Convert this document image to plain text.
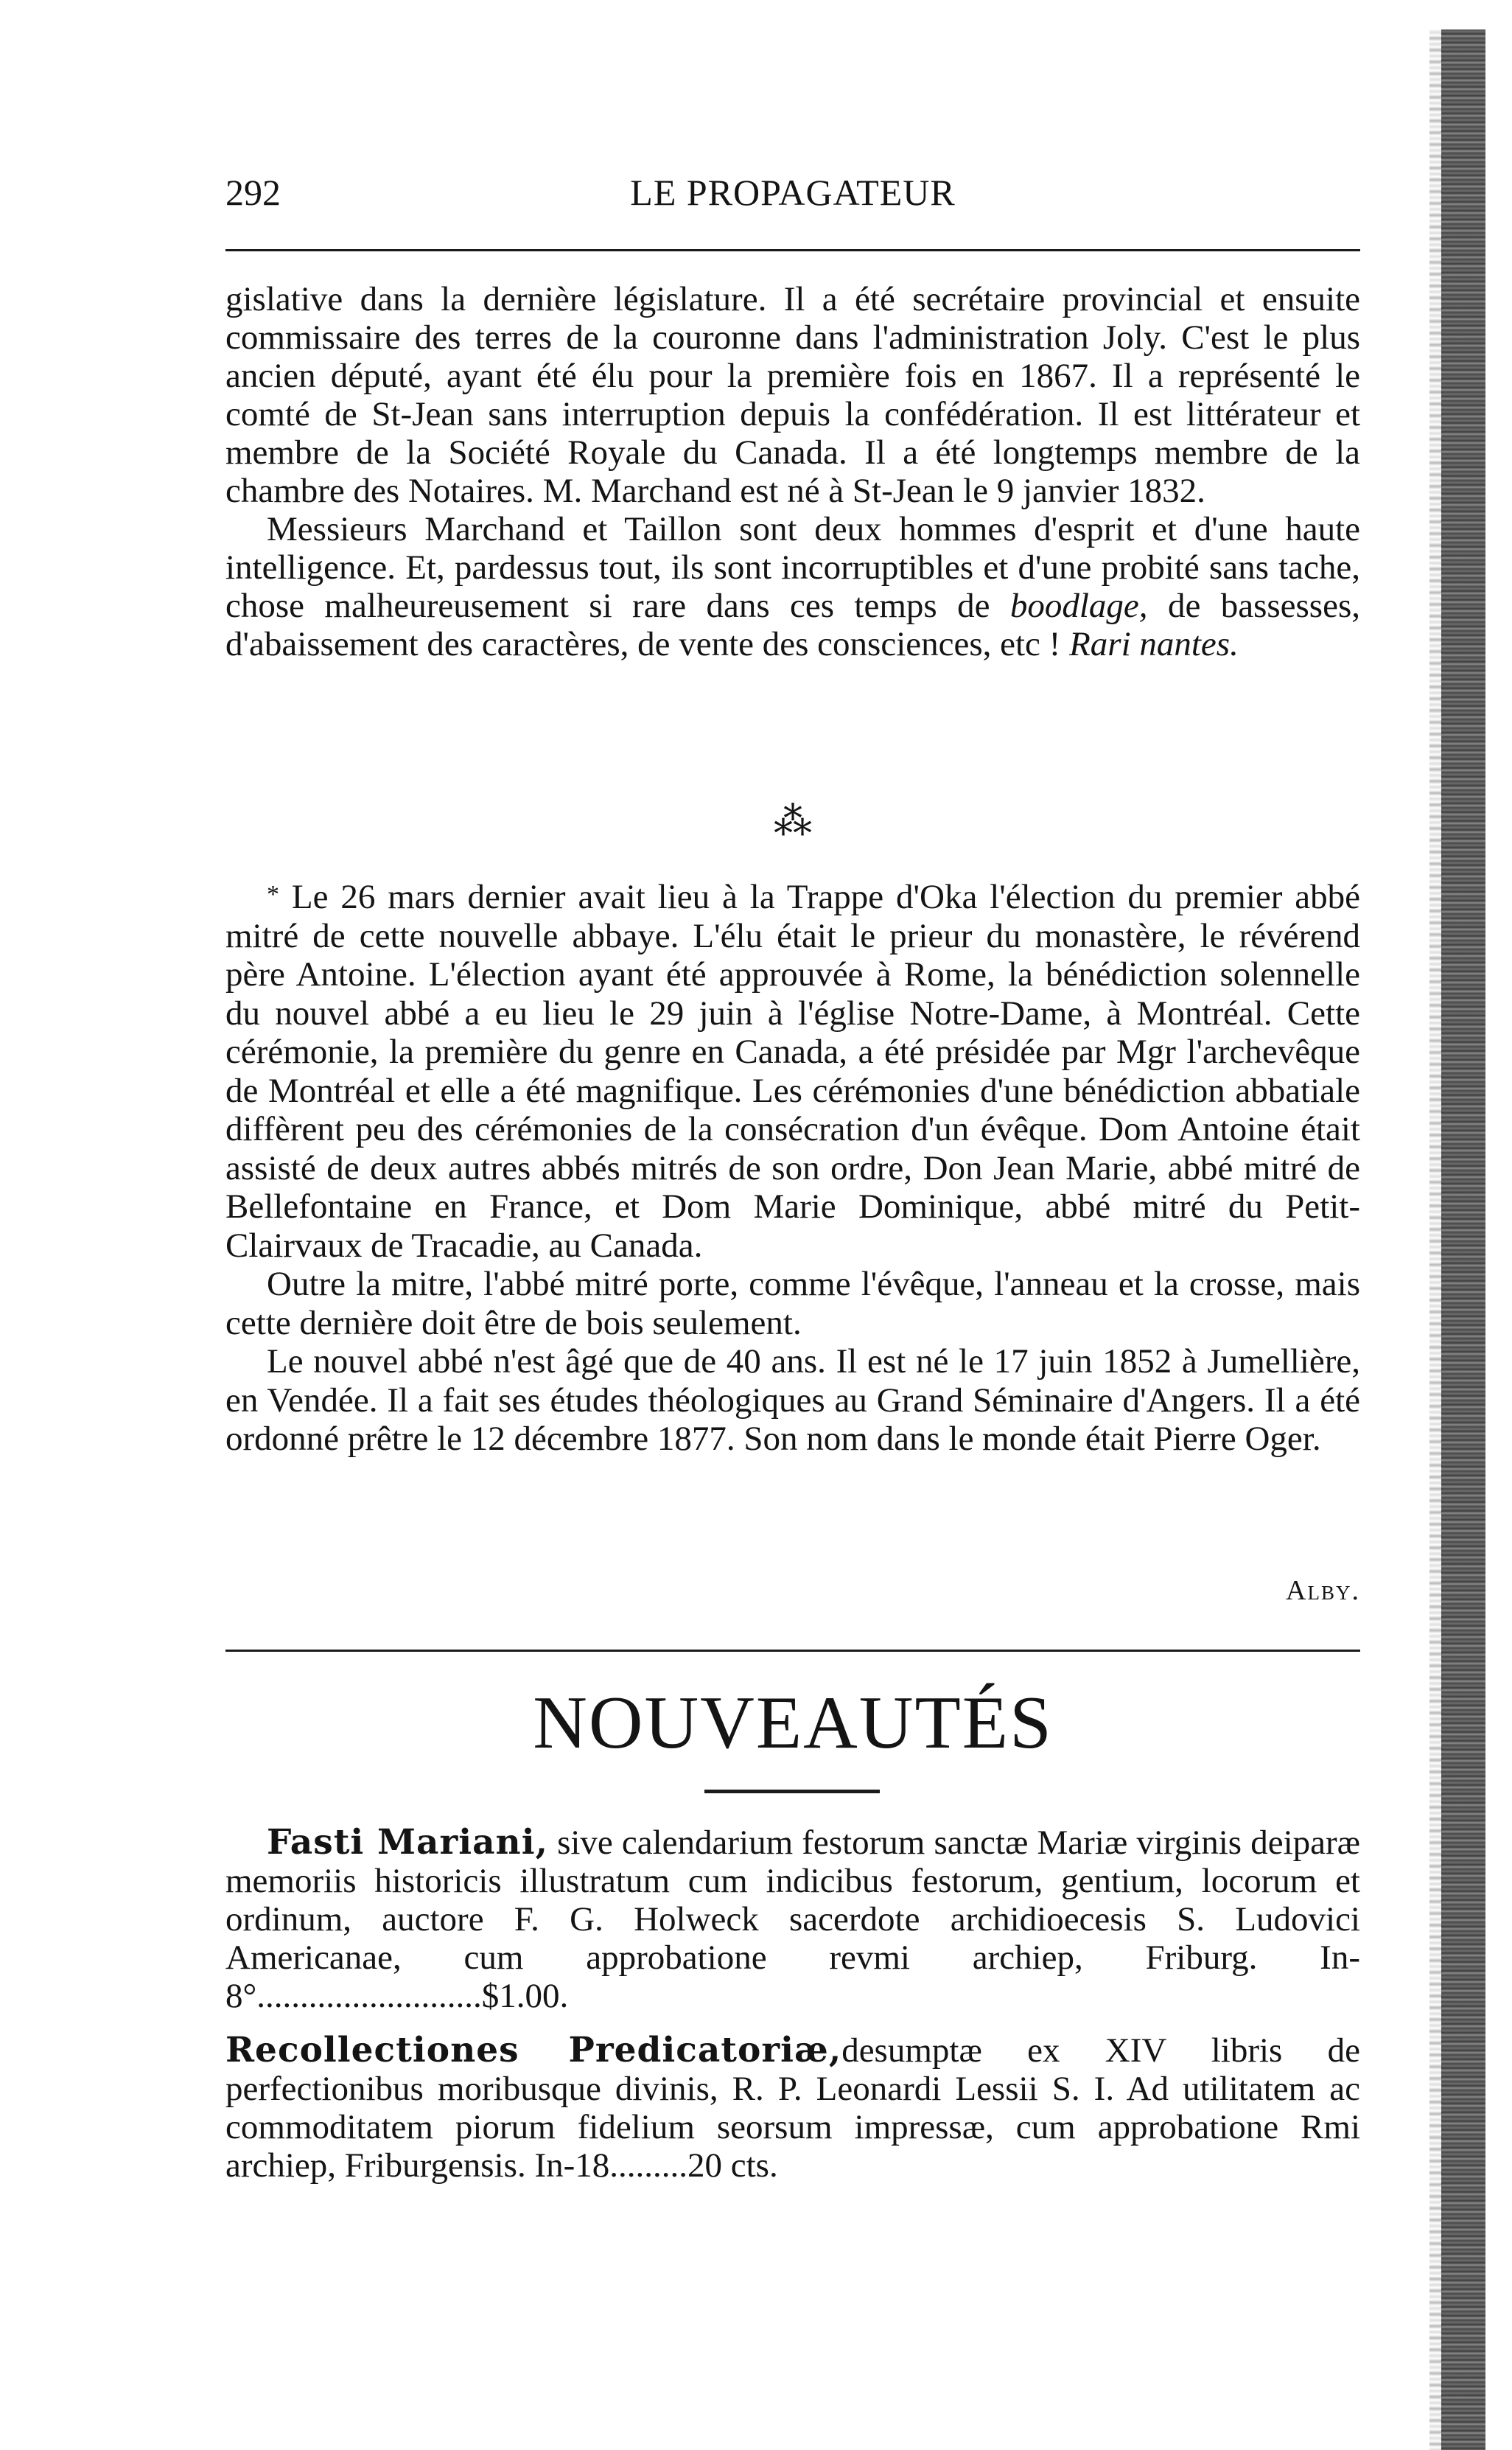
292	LE PROPAGATEUR

gislative dans la dernière législature. Il a été secrétaire provincial et ensuite commissaire des terres de la couronne dans l'administration Joly. C'est le plus ancien député, ayant été élu pour la première fois en 1867. Il a représenté le comté de St-Jean sans interruption depuis la confédération. Il est littérateur et membre de la Société Royale du Canada. Il a été longtemps membre de la chambre des Notaires. M. Marchand est né à St-Jean le 9 janvier 1832.

Messieurs Marchand et Taillon sont deux hommes d'esprit et d'une haute intelligence. Et, pardessus tout, ils sont incorruptibles et d'une probité sans tache, chose malheureusement si rare dans ces temps de boodlage, de bassesses, d'abaissement des caractères, de vente des consciences, etc ! Rari nantes.

⁂

* Le 26 mars dernier avait lieu à la Trappe d'Oka l'élection du premier abbé mitré de cette nouvelle abbaye. L'élu était le prieur du monastère, le révérend père Antoine. L'élection ayant été approuvée à Rome, la bénédiction solennelle du nouvel abbé a eu lieu le 29 juin à l'église Notre-Dame, à Montréal. Cette cérémonie, la première du genre en Canada, a été présidée par Mgr l'archevêque de Montréal et elle a été magnifique. Les cérémonies d'une bénédiction abbatiale diffèrent peu des cérémonies de la consécration d'un évêque. Dom Antoine était assisté de deux autres abbés mitrés de son ordre, Don Jean Marie, abbé mitré de Bellefontaine en France, et Dom Marie Dominique, abbé mitré du Petit-Clairvaux de Tracadie, au Canada.

Outre la mitre, l'abbé mitré porte, comme l'évêque, l'anneau et la crosse, mais cette dernière doit être de bois seulement.

Le nouvel abbé n'est âgé que de 40 ans. Il est né le 17 juin 1852 à Jumellière, en Vendée. Il a fait ses études théologiques au Grand Séminaire d'Angers. Il a été ordonné prêtre le 12 décembre 1877. Son nom dans le monde était Pierre Oger.

Alby.
NOUVEAUTÉS

Fasti Mariani, sive calendarium festorum sanctæ Mariæ virginis deiparæ memoriis historicis illustratum cum indicibus festorum, gentium, locorum et ordinum, auctore F. G. Holweck sacerdote archidioecesis S. Ludovici Americanae, cum approbatione revmi archiep, Friburg. In-8°..........................$1.00.

Recollectiones Predicatoriæ,desumptæ ex XIV libris de perfectionibus moribusque divinis, R. P. Leonardi Lessii S. I. Ad utilitatem ac commoditatem piorum fidelium seorsum impressæ, cum approbatione Rmi archiep, Friburgensis. In-18.........20 cts.
